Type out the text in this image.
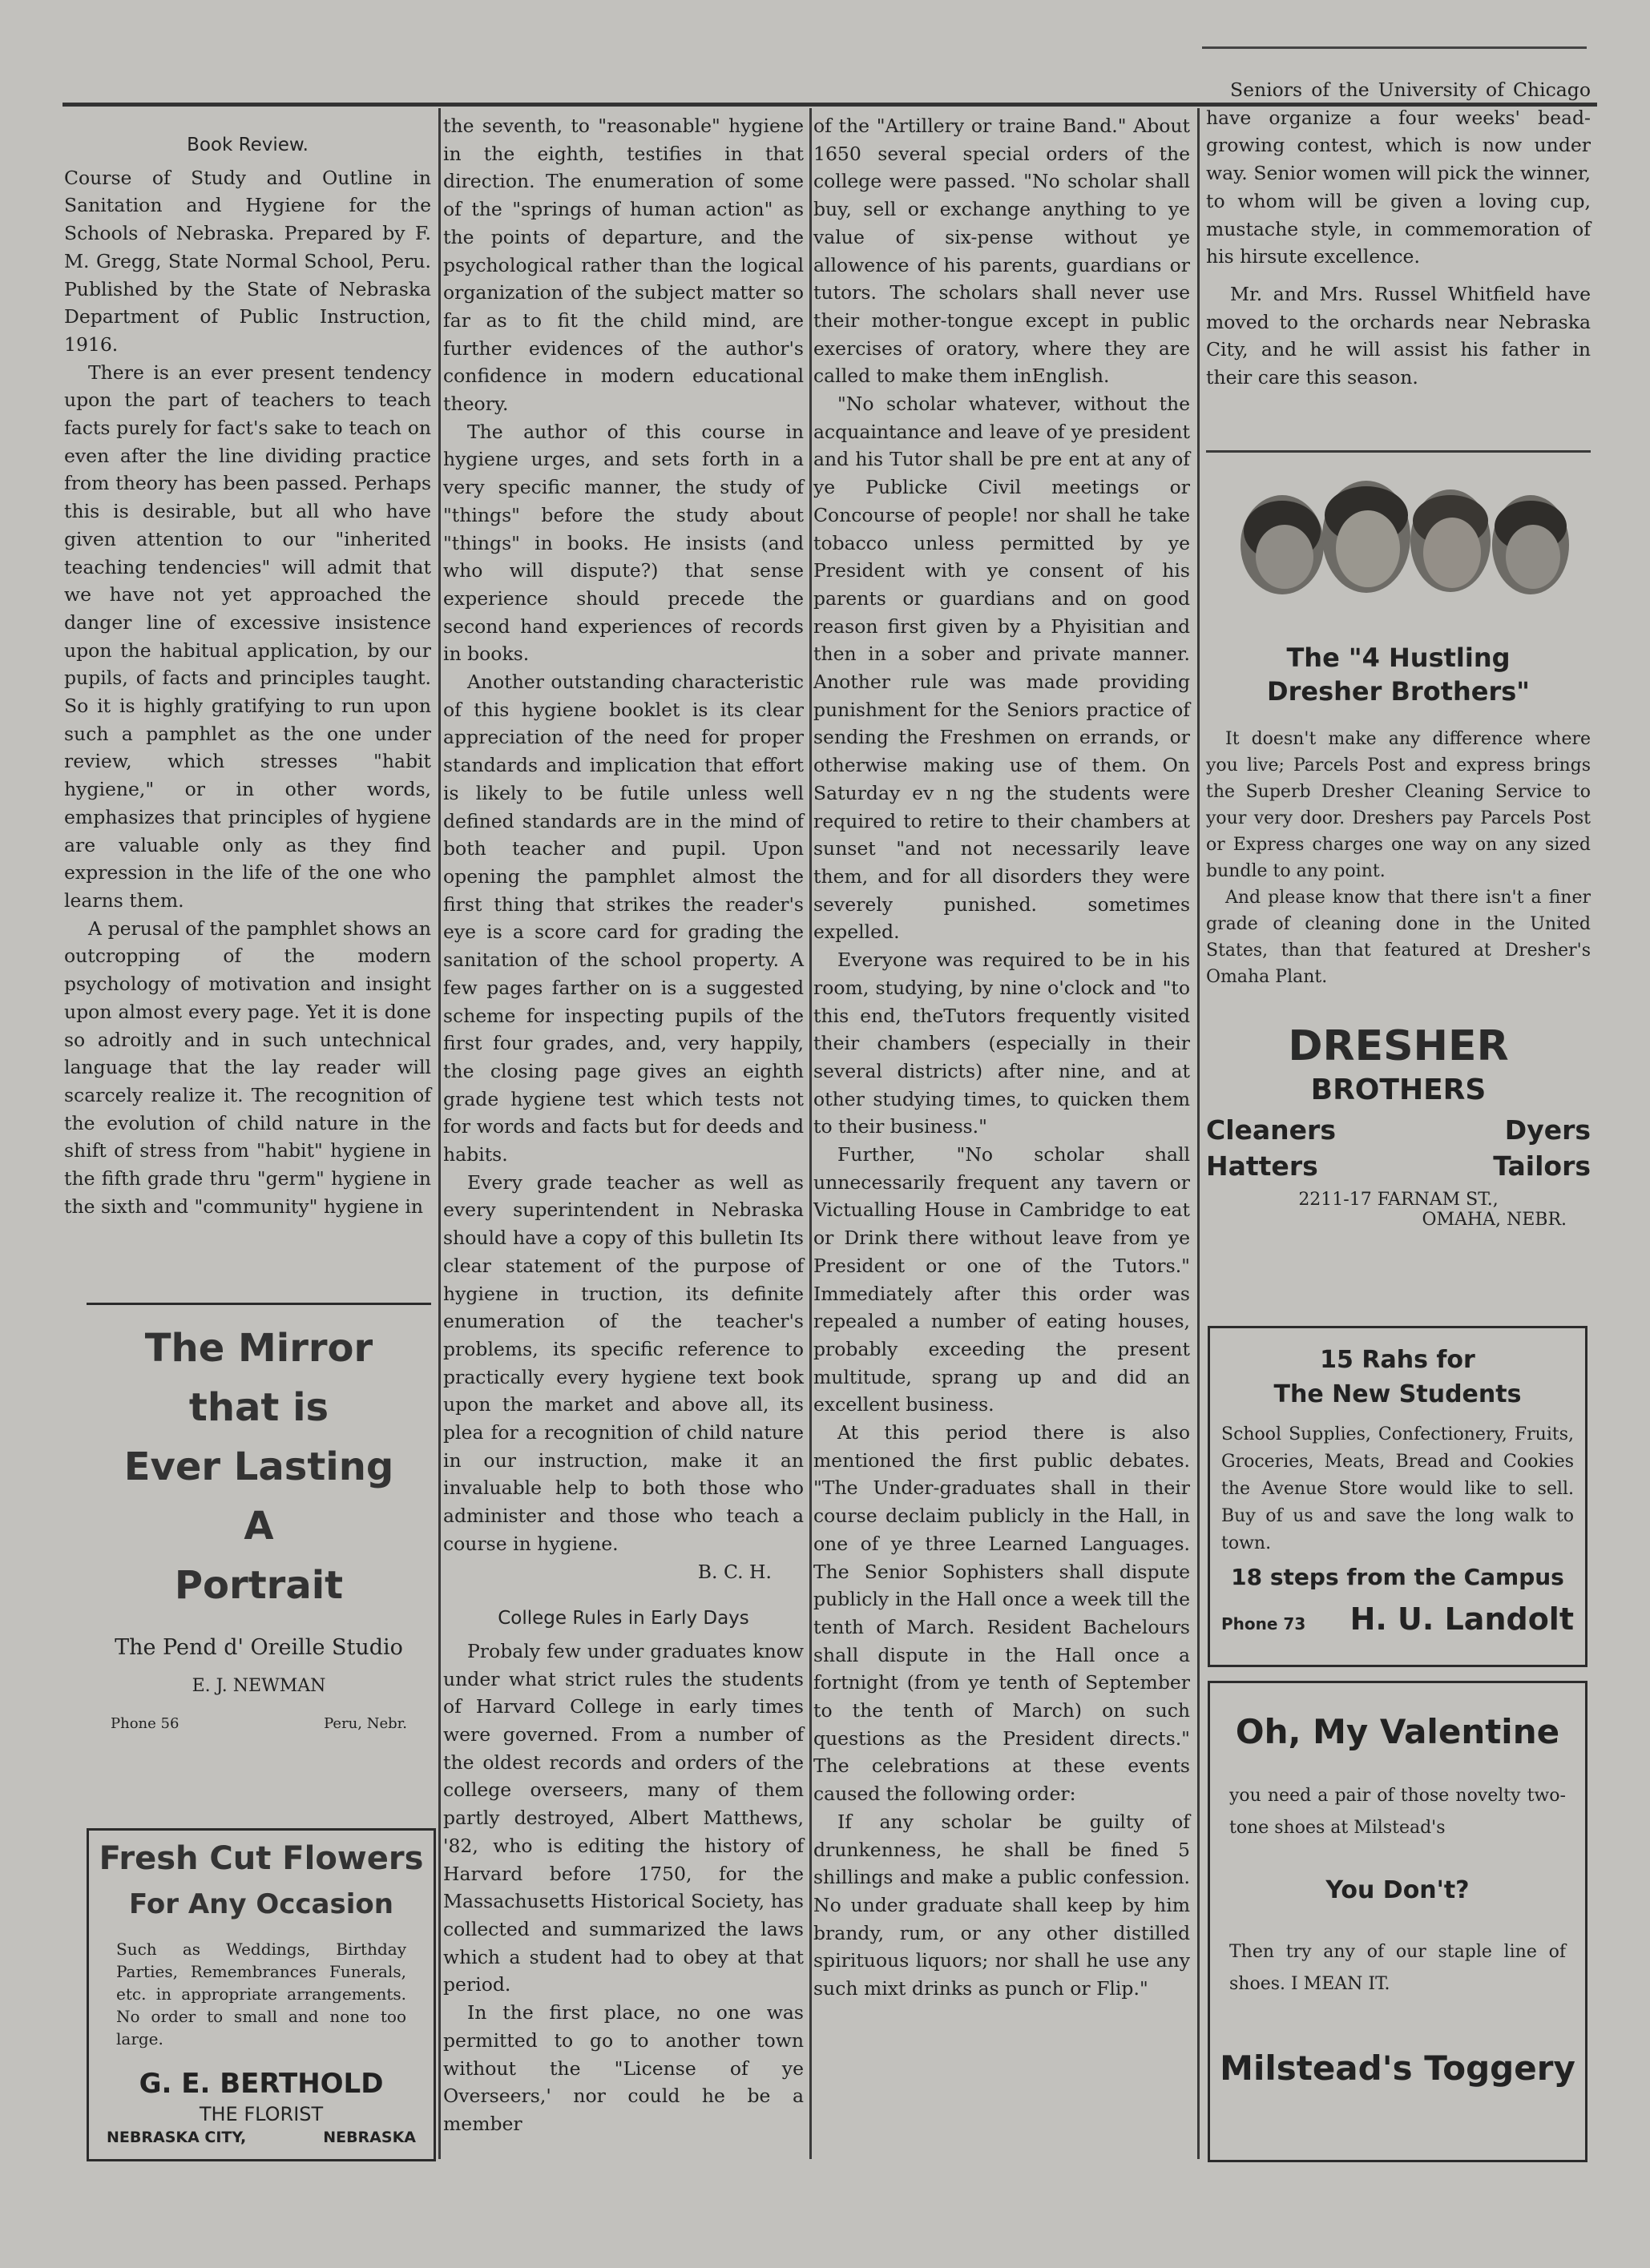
Book Review.

Course of Study and Outline in Sanitation and Hygiene for the Schools of Nebraska. Prepared by F. M. Gregg, State Normal School, Peru. Published by the State of Nebraska Department of Public Instruction, 1916.

There is an ever present tendency upon the part of teachers to teach facts purely for fact's sake to teach on even after the line dividing practice from theory has been passed. Perhaps this is desirable, but all who have given attention to our "inherited teaching tendencies" will admit that we have not yet approached the danger line of excessive insistence upon the habitual application, by our pupils, of facts and principles taught. So it is highly gratifying to run upon such a pamphlet as the one under review, which stresses "habit hygiene," or in other words, emphasizes that principles of hygiene are valuable only as they find expression in the life of the one who learns them.

A perusal of the pamphlet shows an outcropping of the modern psychology of motivation and insight upon almost every page. Yet it is done so adroitly and in such untechnical language that the lay reader will scarcely realize it. The recognition of the evolution of child nature in the shift of stress from "habit" hygiene in the fifth grade thru "germ" hygiene in the sixth and "community" hygiene in

The Mirror
that is
Ever Lasting
A
Portrait
The Pend d' Oreille Studio
E. J. NEWMAN
Phone 56	Peru, Nebr.
Fresh Cut Flowers
For Any Occasion
Such as Weddings, Birthday Parties, Remembrances Funerals, etc. in appropriate arrangements. No order to small and none too large.
G. E. BERTHOLD
THE FLORIST
NEBRASKA CITY,	NEBRASKA

the seventh, to "reasonable" hygiene in the eighth, testifies in that direction. The enumeration of some of the "springs of human action" as the points of departure, and the psychological rather than the logical organization of the subject matter so far as to fit the child mind, are further evidences of the author's confidence in modern educational theory.

The author of this course in hygiene urges, and sets forth in a very specific manner, the study of "things" before the study about "things" in books. He insists (and who will dispute?) that sense experience should precede the second hand experiences of records in books.

Another outstanding characteristic of this hygiene booklet is its clear appreciation of the need for proper standards and implication that effort is likely to be futile unless well defined standards are in the mind of both teacher and pupil. Upon opening the pamphlet almost the first thing that strikes the reader's eye is a score card for grading the sanitation of the school property. A few pages farther on is a suggested scheme for inspecting pupils of the first four grades, and, very happily, the closing page gives an eighth grade hygiene test which tests not for words and facts but for deeds and habits.

Every grade teacher as well as every superintendent in Nebraska should have a copy of this bulletin Its clear statement of the purpose of hygiene in truction, its definite enumeration of the teacher's problems, its specific reference to practically every hygiene text book upon the market and above all, its plea for a recognition of child nature in our instruction, make it an invaluable help to both those who administer and those who teach a course in hygiene.

B. C. H.
College Rules in Early Days

Probaly few under graduates know under what strict rules the students of Harvard College in early times were governed. From a number of the oldest records and orders of the college overseers, many of them partly destroyed, Albert Matthews, '82, who is editing the history of Harvard before 1750, for the Massachusetts Historical Society, has collected and summarized the laws which a student had to obey at that period.

In the first place, no one was permitted to go to another town without the "License of ye Overseers,' nor could he be a member

of the "Artillery or traine Band." About 1650 several special orders of the college were passed. "No scholar shall buy, sell or exchange anything to ye value of six-pense without ye allowence of his parents, guardians or tutors. The scholars shall never use their mother-tongue except in public exercises of oratory, where they are called to make them inEnglish.

"No scholar whatever, without the acquaintance and leave of ye president and his Tutor shall be pre ent at any of ye Publicke Civil meetings or Concourse of people! nor shall he take tobacco unless permitted by ye President with ye consent of his parents or guardians and on good reason first given by a Phyisitian and then in a sober and private manner. Another rule was made providing punishment for the Seniors practice of sending the Freshmen on errands, or otherwise making use of them. On Saturday ev n ng the students were required to retire to their chambers at sunset "and not necessarily leave them, and for all disorders they were severely punished. sometimes expelled.

Everyone was required to be in his room, studying, by nine o'clock and "to this end, theTutors frequently visited their chambers (especially in their several districts) after nine, and at other studying times, to quicken them to their business."

Further, "No scholar shall unnecessarily frequent any tavern or Victualling House in Cambridge to eat or Drink there without leave from ye President or one of the Tutors." Immediately after this order was repealed a number of eating houses, probably exceeding the present multitude, sprang up and did an excellent business.

At this period there is also mentioned the first public debates. "The Under-graduates shall in their course declaim publicly in the Hall, in one of ye three Learned Languages. The Senior Sophisters shall dispute publicly in the Hall once a week till the tenth of March. Resident Bachelours shall dispute in the Hall once a fortnight (from ye tenth of September to the tenth of March) on such questions as the President directs." The celebrations at these events caused the following order:

If any scholar be guilty of drunkenness, he shall be fined 5 shillings and make a public confession. No under graduate shall keep by him brandy, rum, or any other distilled spirituous liquors; nor shall he use any such mixt drinks as punch or Flip."

Seniors of the University of Chicago have organize a four weeks' bead-growing contest, which is now under way. Senior women will pick the winner, to whom will be given a loving cup, mustache style, in commemoration of his hirsute excellence.

Mr. and Mrs. Russel Whitfield have moved to the orchards near Nebraska City, and he will assist his father in their care this season.

The "4 Hustling Dresher Brothers"

It doesn't make any difference where you live; Parcels Post and express brings the Superb Dresher Cleaning Service to your very door. Dreshers pay Parcels Post or Express charges one way on any sized bundle to any point.

And please know that there isn't a finer grade of cleaning done in the United States, than that featured at Dresher's Omaha Plant.

DRESHER
BROTHERS
Cleaners	Dyers
Hatters	Tailors
2211-17 FARNAM ST.,
OMAHA, NEBR.
15 Rahs for
The New Students
School Supplies, Confectionery, Fruits, Groceries, Meats, Bread and Cookies the Avenue Store would like to sell. Buy of us and save the long walk to town.
18 steps from the Campus
Phone 73 H. U. Landolt
Oh, My Valentine
you need a pair of those novelty two-tone shoes at Milstead's
You Don't?
Then try any of our staple line of shoes. I MEAN IT.
Milstead's Toggery
